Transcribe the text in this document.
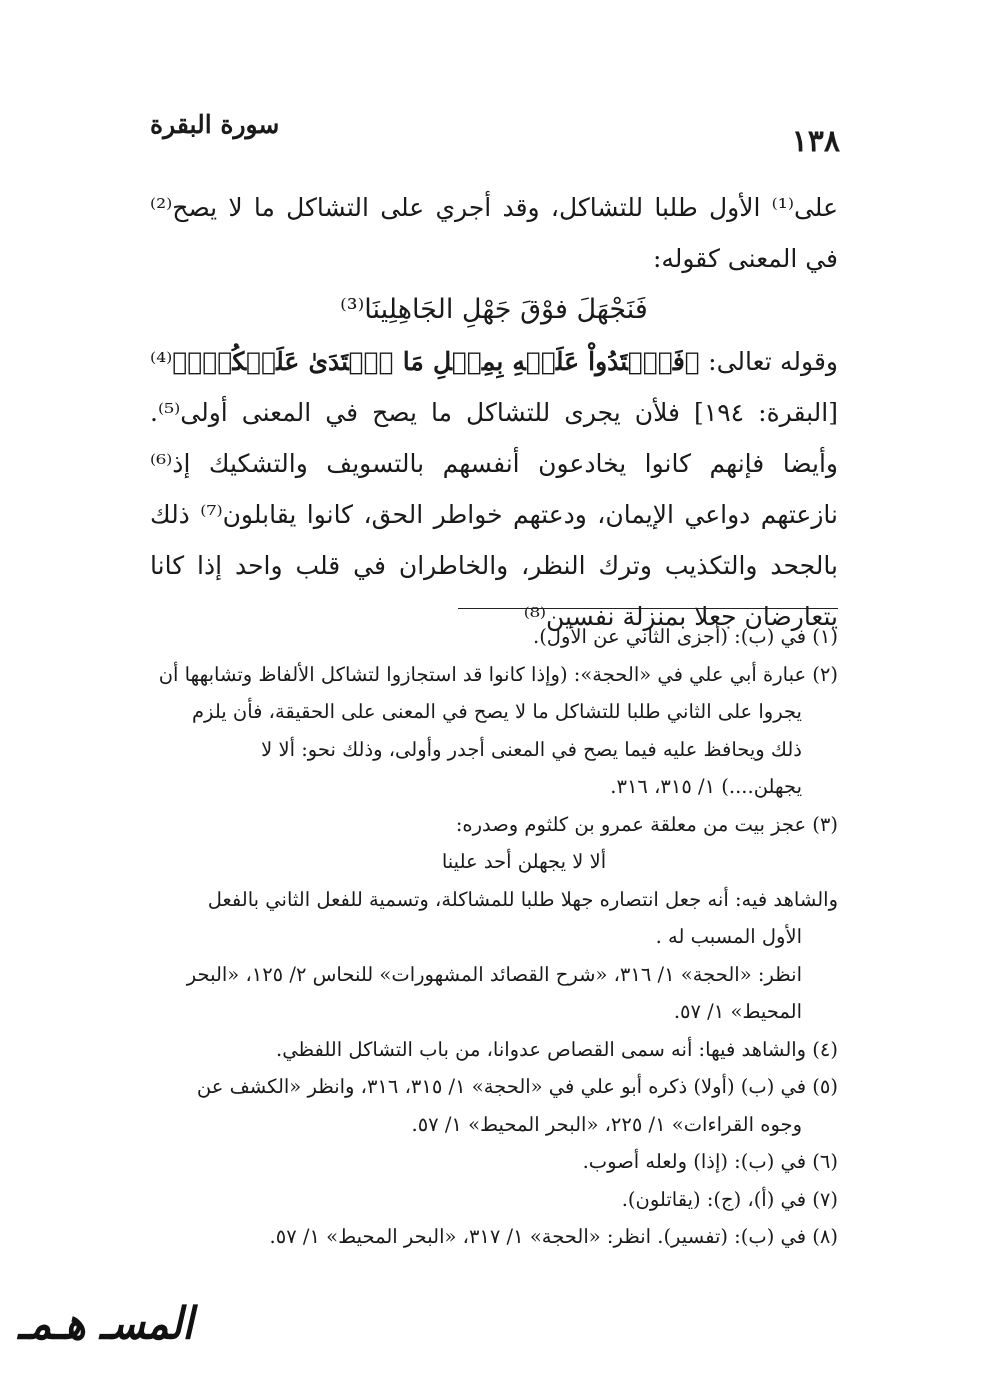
١٣٨
سورة البقرة

على⁽¹⁾ الأول طلبا للتشاكل، وقد أجري على التشاكل ما لا يصح⁽²⁾ في المعنى كقوله:

فَنَجْهَلَ فوْقَ جَهْلِ الجَاهِلِينَا⁽³⁾

وقوله تعالى: ﴿فَٱعۡتَدُواْ عَلَيۡهِ بِمِثۡلِ مَا ٱعۡتَدَىٰ عَلَيۡكُمۡۚ﴾⁽⁴⁾ [البقرة: ١٩٤] فلأن يجرى للتشاكل ما يصح في المعنى أولى⁽⁵⁾. وأيضا فإنهم كانوا يخادعون أنفسهم بالتسويف والتشكيك إذ⁽⁶⁾ نازعتهم دواعي الإيمان، ودعتهم خواطر الحق، كانوا يقابلون⁽⁷⁾ ذلك بالجحد والتكذيب وترك النظر، والخاطران في قلب واحد إذا كانا يتعارضان جعلا بمنزلة نفسين⁽⁸⁾

(١) في (ب): (أجزى الثاني عن الأول).

(٢) عبارة أبي علي في «الحجة»: (وإذا كانوا قد استجازوا لتشاكل الألفاظ وتشابهها أن

يجروا على الثاني طلبا للتشاكل ما لا يصح في المعنى على الحقيقة، فأن يلزم

ذلك ويحافظ عليه فيما يصح في المعنى أجدر وأولى، وذلك نحو: ألا لا

يجهلن....) ١/ ٣١٥، ٣١٦.

(٣) عجز بيت من معلقة عمرو بن كلثوم وصدره:

ألا لا يجهلن أحد علينا

والشاهد فيه: أنه جعل انتصاره جهلا طلبا للمشاكلة، وتسمية للفعل الثاني بالفعل

الأول المسبب له .

انظر: «الحجة» ١/ ٣١٦، «شرح القصائد المشهورات» للنحاس ٢/ ١٢٥، «البحر

المحيط» ١/ ٥٧.

(٤) والشاهد فيها: أنه سمى القصاص عدوانا، من باب التشاكل اللفظي.

(٥) في (ب) (أولا) ذكره أبو علي في «الحجة» ١/ ٣١٥، ٣١٦، وانظر «الكشف عن

وجوه القراءات» ١/ ٢٢٥، «البحر المحيط» ١/ ٥٧.

(٦) في (ب): (إذا) ولعله أصوب.

(٧) في (أ)، (ج): (يقاتلون).

(٨) في (ب): (تفسير). انظر: «الحجة» ١/ ٣١٧، «البحر المحيط» ١/ ٥٧.

المسـ ﻫـمـ
